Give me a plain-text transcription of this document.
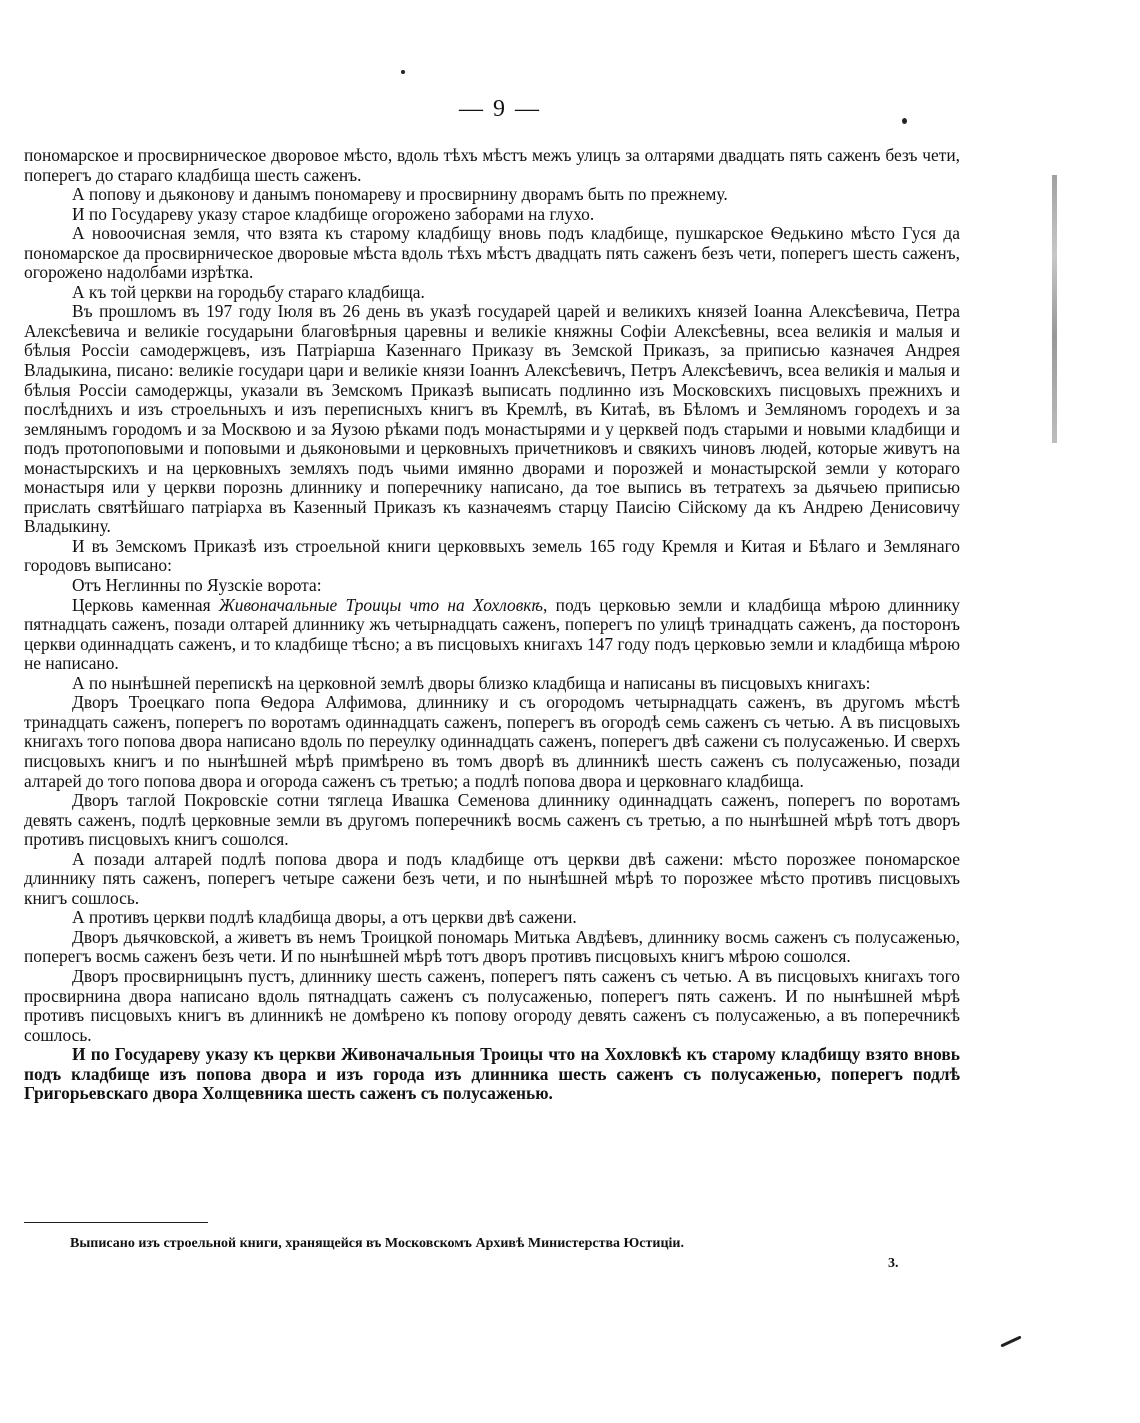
— 9 —

пономарское и просвирническое дворовое мѣсто, вдоль тѣхъ мѣстъ межъ улицъ за олтарями двадцать пять саженъ безъ чети, поперегъ до стараго кладбища шесть саженъ.

А попову и дьяконову и данымъ пономареву и просвирнину дворамъ быть по прежнему.

И по Государеву указу старое кладбище огорожено заборами на глухо.

А новоочисная земля, что взята къ старому кладбищу вновь подъ кладбище, пушкарское Ѳедькино мѣсто Гуся да пономарское да просвирническое дворовые мѣста вдоль тѣхъ мѣстъ двадцать пять саженъ безъ чети, поперегъ шесть саженъ, огорожено надолбами изрѣтка.

А къ той церкви на городьбу стараго кладбища.

Въ прошломъ въ 197 году Іюля въ 26 день въ указѣ государей царей и великихъ князей Іоанна Алексѣевича, Петра Алексѣевича и великіе государыни благовѣрныя царевны и великіе княжны Софіи Алексѣевны, всеа великія и малыя и бѣлыя Россіи самодержцевъ, изъ Патріарша Казеннаго Приказу въ Земской Приказъ, за приписью казначея Андрея Владыкина, писано: великіе государи цари и великіе князи Іоаннъ Алексѣевичъ, Петръ Алексѣевичъ, всеа великія и малыя и бѣлыя Россіи самодержцы, указали въ Земскомъ Приказѣ выписать подлинно изъ Московскихъ писцовыхъ прежнихъ и послѣднихъ и изъ строельныхъ и изъ переписныхъ книгъ въ Кремлѣ, въ Китаѣ, въ Бѣломъ и Земляномъ городехъ и за землянымъ городомъ и за Москвою и за Яузою рѣками подъ монастырями и у церквей подъ старыми и новыми кладбищи и подъ протопоповыми и поповыми и дьяконовыми и церковныхъ причетниковъ и свякихъ чиновъ людей, которые живутъ на монастырскихъ и на церковныхъ земляхъ подъ чьими имянно дворами и порозжей и монастырской земли у котораго монастыря или у церкви порознь длиннику и поперечнику написано, да тое выпись въ тетратехъ за дьячьею приписью прислать святѣйшаго патріарха въ Казенный Приказъ къ казначеямъ старцу Паисію Сійскому да къ Андрею Денисовичу Владыкину.

И въ Земскомъ Приказѣ изъ строельной книги церковвыхъ земель 165 году Кремля и Китая и Бѣлаго и Землянаго городовъ выписано:

Отъ Неглинны по Яузскіе ворота:

Церковь каменная Живоначальные Троицы что на Хохловкѣ, подъ церковью земли и кладбища мѣрою длиннику пятнадцать саженъ, позади олтарей длиннику жъ четырнадцать саженъ, поперегъ по улицѣ тринадцать саженъ, да посторонъ церкви одиннадцать саженъ, и то кладбище тѣсно; а въ писцовыхъ книгахъ 147 году подъ церковью земли и кладбища мѣрою не написано.

А по нынѣшней перепискѣ на церковной землѣ дворы близко кладбища и написаны въ писцовыхъ книгахъ:

Дворъ Троецкаго попа Ѳедора Алфимова, длиннику и съ огородомъ четырнадцать саженъ, въ другомъ мѣстѣ тринадцать саженъ, поперегъ по воротамъ одиннадцать саженъ, поперегъ въ огородѣ семь саженъ съ четью. А въ писцовыхъ книгахъ того попова двора написано вдоль по переулку одиннадцать саженъ, поперегъ двѣ сажени съ полусаженью. И сверхъ писцовыхъ книгъ и по нынѣшней мѣрѣ примѣрено въ томъ дворѣ въ длинникѣ шесть саженъ съ полусаженью, позади алтарей до того попова двора и огорода саженъ съ третью; а подлѣ попова двора и церковнаго кладбища.

Дворъ таглой Покровскіе сотни тяглеца Ивашка Семенова длиннику одиннадцать саженъ, поперегъ по воротамъ девять саженъ, подлѣ церковные земли въ другомъ поперечникѣ восмь саженъ съ третью, а по нынѣшней мѣрѣ тотъ дворъ противъ писцовыхъ книгъ сошолся.

А позади алтарей подлѣ попова двора и подъ кладбище отъ церкви двѣ сажени: мѣсто порозжее пономарское длиннику пять саженъ, поперегъ четыре сажени безъ чети, и по нынѣшней мѣрѣ то порозжее мѣсто противъ писцовыхъ книгъ сошлось.

А противъ церкви подлѣ кладбища дворы, а отъ церкви двѣ сажени.

Дворъ дьячковской, а живетъ въ немъ Троицкой пономарь Митька Авдѣевъ, длиннику восмь саженъ съ полусаженью, поперегъ восмь саженъ безъ чети. И по нынѣшней мѣрѣ тотъ дворъ противъ писцовыхъ книгъ мѣрою сошолся.

Дворъ просвирницынъ пустъ, длиннику шесть саженъ, поперегъ пять саженъ съ четью. А въ писцовыхъ книгахъ того просвирнина двора написано вдоль пятнадцать саженъ съ полусаженью, поперегъ пять саженъ. И по нынѣшней мѣрѣ противъ писцовыхъ книгъ въ длинникѣ не домѣрено къ попову огороду девять саженъ съ полусаженью, а въ поперечникѣ сошлось.

И по Государеву указу къ церкви Живоначальныя Троицы что на Хохловкѣ къ старому кладбищу взято вновь подъ кладбище изъ попова двора и изъ города изъ длинника шесть саженъ съ полусаженью, поперегъ подлѣ Григорьевскаго двора Холщевника шесть саженъ съ полусаженью.

Выписано изъ строельной книги, хранящейся въ Московскомъ Архивѣ Министерства Юстиціи.
3.
